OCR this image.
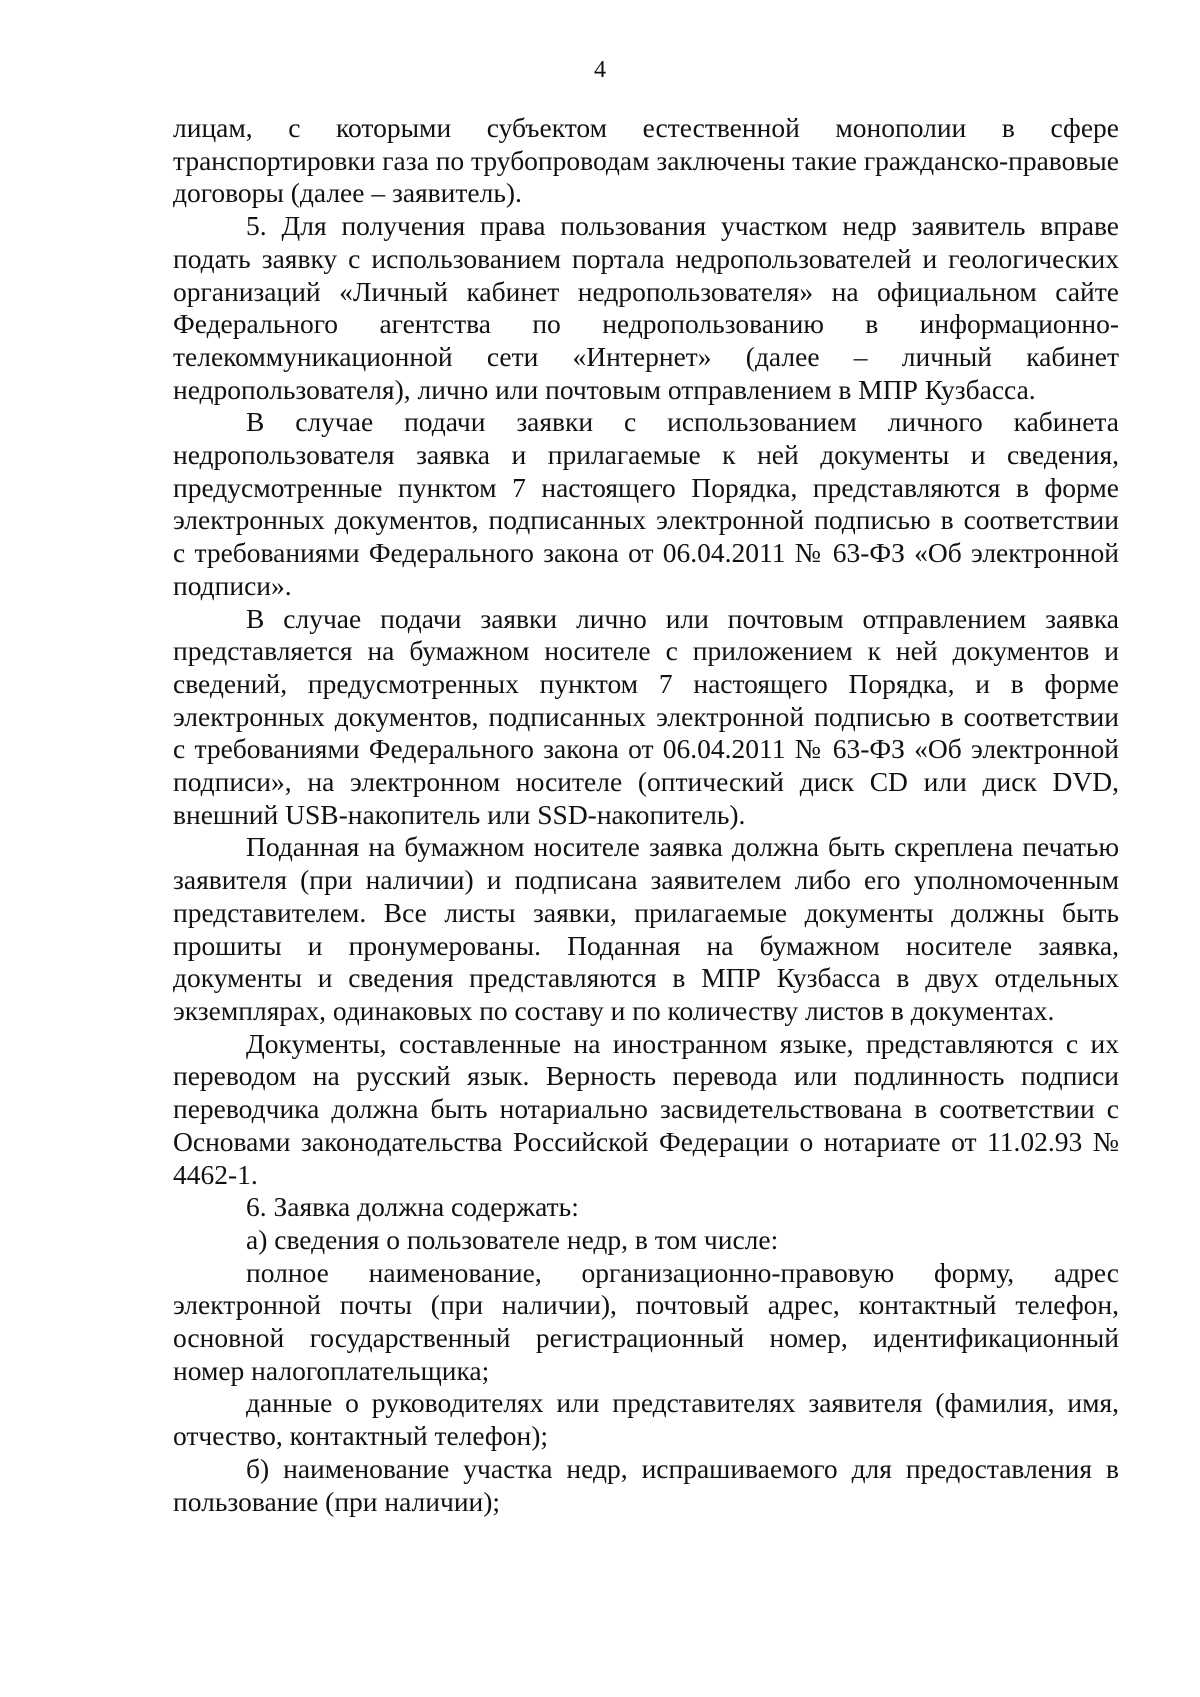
4

лицам, с которыми субъектом естественной монополии в сфере транспортировки газа по трубопроводам заключены такие гражданско-правовые договоры (далее – заявитель).

5. Для получения права пользования участком недр заявитель вправе подать заявку с использованием портала недропользователей и геологических организаций «Личный кабинет недропользователя» на официальном сайте Федерального агентства по недропользованию в информационно-телекоммуникационной сети «Интернет» (далее – личный кабинет недропользователя), лично или почтовым отправлением в МПР Кузбасса.

В случае подачи заявки с использованием личного кабинета недропользователя заявка и прилагаемые к ней документы и сведения, предусмотренные пунктом 7 настоящего Порядка, представляются в форме электронных документов, подписанных электронной подписью в соответствии с требованиями Федерального закона от 06.04.2011 № 63-ФЗ «Об электронной подписи».

В случае подачи заявки лично или почтовым отправлением заявка представляется на бумажном носителе с приложением к ней документов и сведений, предусмотренных пунктом 7 настоящего Порядка, и в форме электронных документов, подписанных электронной подписью в соответствии с требованиями Федерального закона от 06.04.2011 № 63-ФЗ «Об электронной подписи», на электронном носителе (оптический диск CD или диск DVD, внешний USB-накопитель или SSD-накопитель).

Поданная на бумажном носителе заявка должна быть скреплена печатью заявителя (при наличии) и подписана заявителем либо его уполномоченным представителем. Все листы заявки, прилагаемые документы должны быть прошиты и пронумерованы. Поданная на бумажном носителе заявка, документы и сведения представляются в МПР Кузбасса в двух отдельных экземплярах, одинаковых по составу и по количеству листов в документах.

Документы, составленные на иностранном языке, представляются с их переводом на русский язык. Верность перевода или подлинность подписи переводчика должна быть нотариально засвидетельствована в соответствии с Основами законодательства Российской Федерации о нотариате от 11.02.93 № 4462-1.

6. Заявка должна содержать:

а) сведения о пользователе недр, в том числе:

полное наименование, организационно-правовую форму, адрес электронной почты (при наличии), почтовый адрес, контактный телефон, основной государственный регистрационный номер, идентификационный номер налогоплательщика;

данные о руководителях или представителях заявителя (фамилия, имя, отчество, контактный телефон);

б) наименование участка недр, испрашиваемого для предоставления в пользование (при наличии);
